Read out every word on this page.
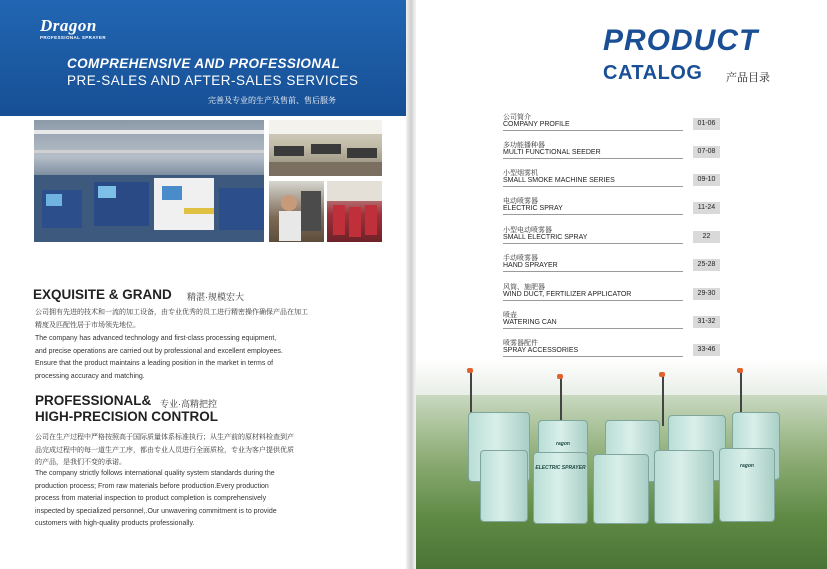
Dragon
PROFESSIONAL SPRAYER
COMPREHENSIVE AND PROFESSIONAL
PRE-SALES AND AFTER-SALES SERVICES
完善及专业的生产及售前、售后服务
EXQUISITE & GRAND 精湛·规模宏大
公司拥有先进的技术和一流的加工设备，由专业优秀的员工进行精密操作确保产品在加工精度及匹配性居于市场领先地位。
The company has advanced technology and first-class processing equipment, and precise operations are carried out by professional and excellent employees. Ensure that the product maintains a leading position in the market in terms of processing accuracy and matching.
PROFESSIONAL& 专业·高精把控
HIGH-PRECISION CONTROL
公司在生产过程中严格按照高于国际质量体系标准执行；从生产前的原材料检查到产品完成过程中的每一道生产工序，都由专业人员进行全面质检，专业为客户提供优质的产品，是我们不变的承诺。
The company strictly follows international quality system standards during the production process; From raw materials before production.Every production process from material inspection to product completion is comprehensively inspected by specialized personnel,.Our unwavering commitment is to provide customers with high-quality products professionally.
PRODUCT
CATALOG 产品目录
公司简介
COMPANY PROFILE	01-06
多功能播种器
MULTI FUNCTIONAL SEEDER	07-08
小型烟雾机
SMALL SMOKE MACHINE SERIES	09-10
电动喷雾器
ELECTRIC SPRAY	11-24
小型电动喷雾器
SMALL ELECTRIC SPRAY	22
手动喷雾器
HAND SPRAYER	25-28
风筒、施肥器
WIND DUCT, FERTILIZER APPLICATOR	29-30
喷壶
WATERING CAN	31-32
喷雾器配件
SPRAY ACCESSORIES	33-46
ragon
ELECTRIC SPRAYER	ragon
